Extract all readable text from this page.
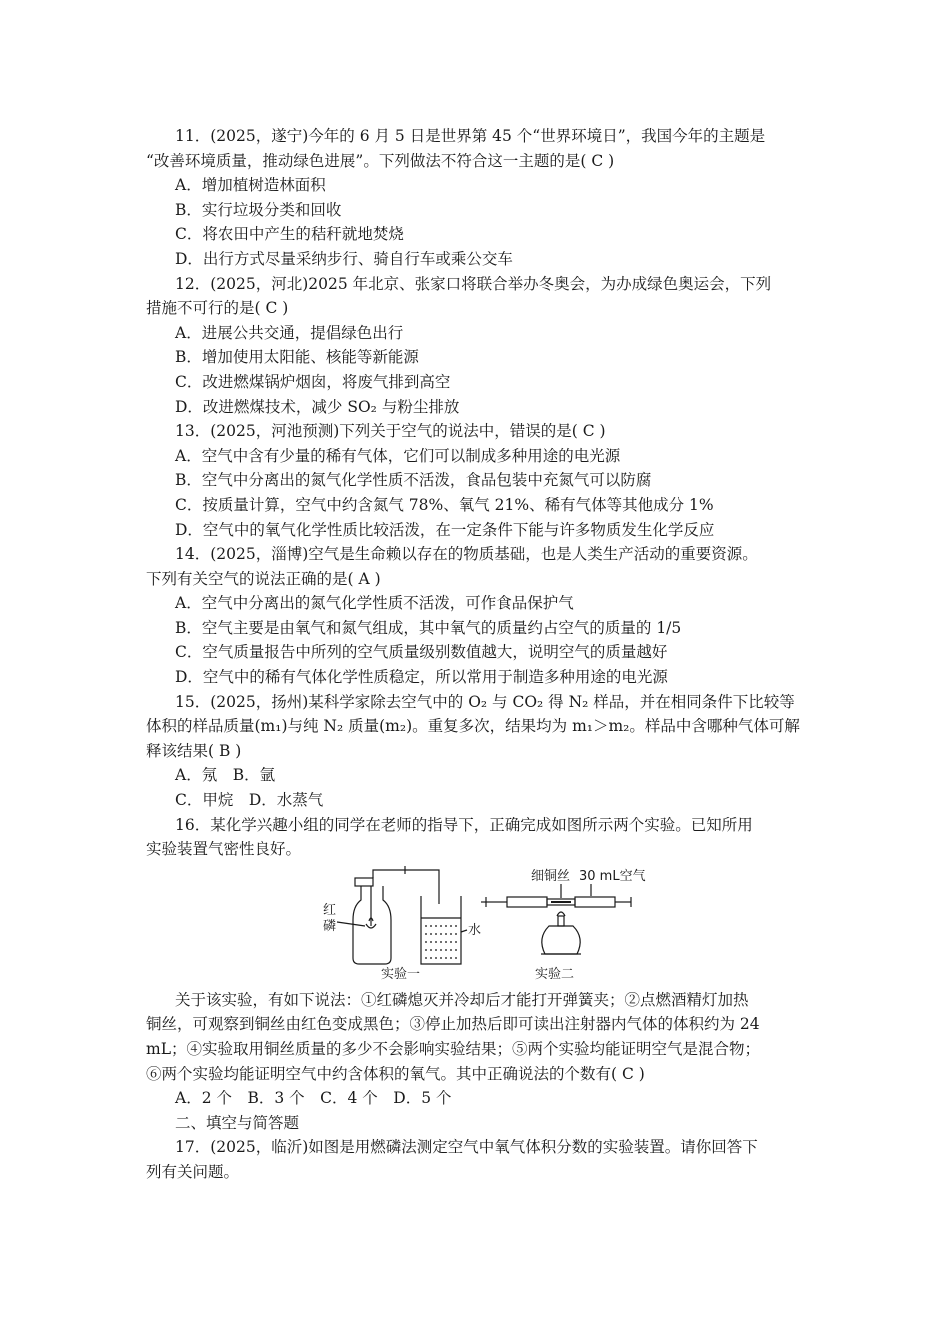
11．(2025，遂宁)今年的 6 月 5 日是世界第 45 个“世界环境日”，我国今年的主题是
“改善环境质量，推动绿色进展”。下列做法不符合这一主题的是( C )
A．增加植树造林面积
B．实行垃圾分类和回收
C．将农田中产生的秸秆就地焚烧
D．出行方式尽量采纳步行、骑自行车或乘公交车
12．(2025，河北)2025 年北京、张家口将联合举办冬奥会，为办成绿色奥运会，下列
措施不可行的是( C )
A．进展公共交通，提倡绿色出行
B．增加使用太阳能、核能等新能源
C．改进燃煤锅炉烟囱，将废气排到高空
D．改进燃煤技术，减少 SO₂ 与粉尘排放
13．(2025，河池预测)下列关于空气的说法中，错误的是( C )
A．空气中含有少量的稀有气体，它们可以制成多种用途的电光源
B．空气中分离出的氮气化学性质不活泼，食品包装中充氮气可以防腐
C．按质量计算，空气中约含氮气 78%、氧气 21%、稀有气体等其他成分 1%
D．空气中的氧气化学性质比较活泼，在一定条件下能与许多物质发生化学反应
14．(2025，淄博)空气是生命赖以存在的物质基础，也是人类生产活动的重要资源。
下列有关空气的说法正确的是( A )
A．空气中分离出的氮气化学性质不活泼，可作食品保护气
B．空气主要是由氧气和氮气组成，其中氧气的质量约占空气的质量的 1/5
C．空气质量报告中所列的空气质量级别数值越大，说明空气的质量越好
D．空气中的稀有气体化学性质稳定，所以常用于制造多种用途的电光源
15．(2025，扬州)某科学家除去空气中的 O₂ 与 CO₂ 得 N₂ 样品，并在相同条件下比较等
体积的样品质量(m₁)与纯 N₂ 质量(m₂)。重复多次，结果均为 m₁＞m₂。样品中含哪种气体可解
释该结果( B )
A．氖　B．氩
C．甲烷　D．水蒸气
16．某化学兴趣小组的同学在老师的指导下，正确完成如图所示两个实验。已知所用
实验装置气密性良好。
红
磷	水
实验一
细铜丝 30 mL空气
实验二
关于该实验，有如下说法：①红磷熄灭并冷却后才能打开弹簧夹；②点燃酒精灯加热
铜丝，可观察到铜丝由红色变成黑色；③停止加热后即可读出注射器内气体的体积约为 24
mL；④实验取用铜丝质量的多少不会影响实验结果；⑤两个实验均能证明空气是混合物；
⑥两个实验均能证明空气中约含体积的氧气。其中正确说法的个数有( C )
A．2 个　B．3 个　C．4 个　D．5 个
二、填空与简答题
17．(2025，临沂)如图是用燃磷法测定空气中氧气体积分数的实验装置。请你回答下
列有关问题。
